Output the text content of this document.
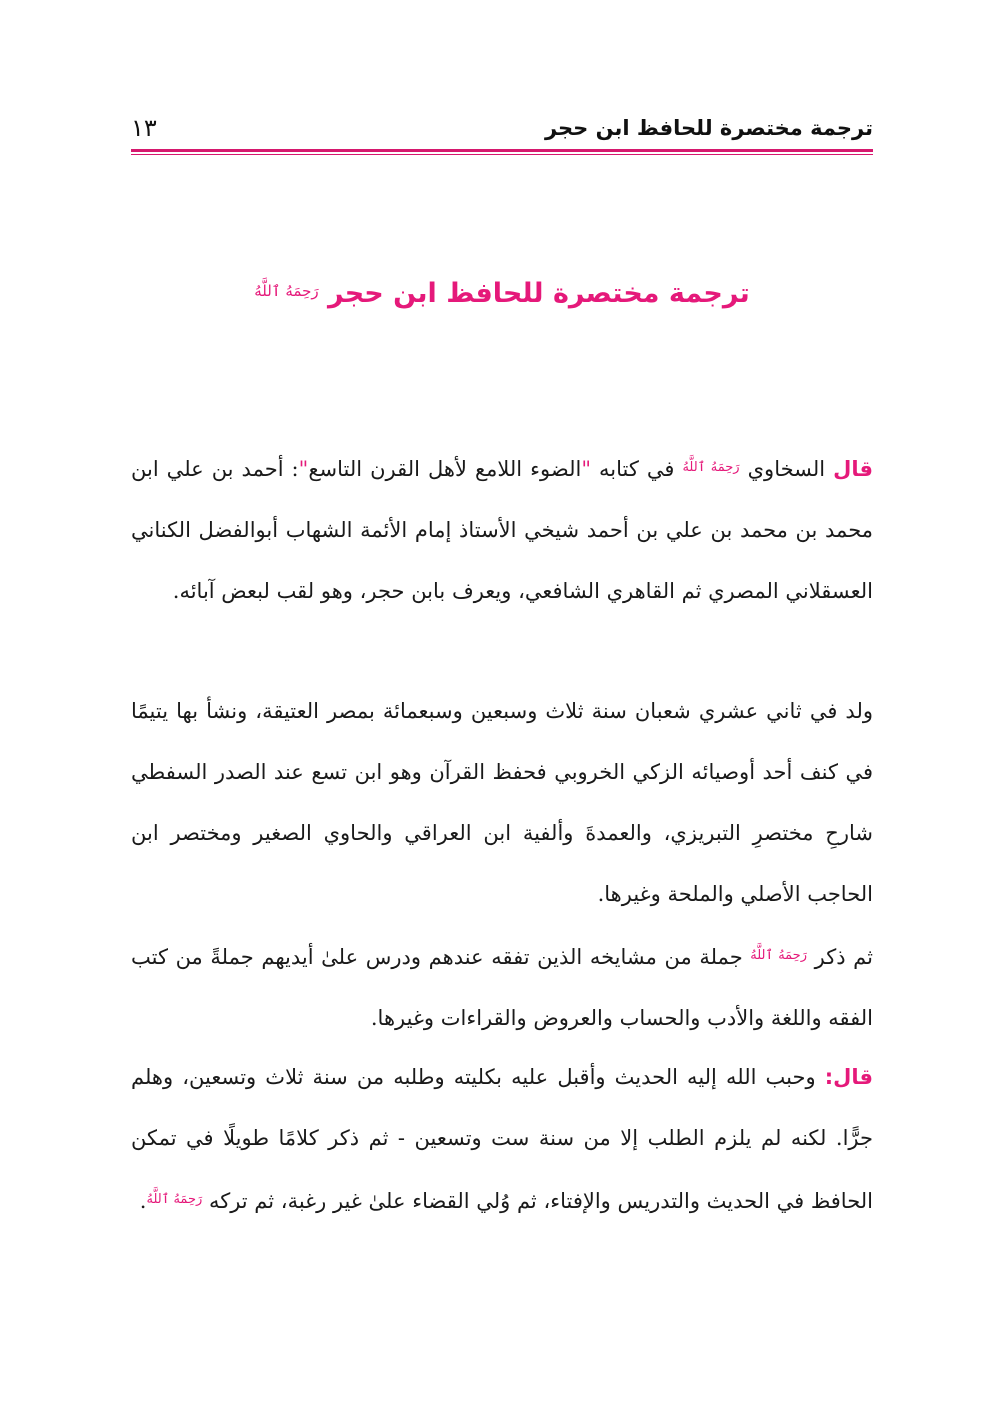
ترجمة مختصرة للحافظ ابن حجر
١٣
ترجمة مختصرة للحافظ ابن حجر $^{رَحِمَهُ ٱللَّهُ}$

قال السخاوي $^{رَحِمَهُ ٱللَّهُ}$ في كتابه "الضوء اللامع لأهل القرن التاسع": أحمد بن علي ابن محمد بن محمد بن علي بن أحمد شيخي الأستاذ إمام الأئمة الشهاب أبوالفضل الكناني العسقلاني المصري ثم القاهري الشافعي، ويعرف بابن حجر، وهو لقب لبعض آبائه.

ولد في ثاني عشري شعبان سنة ثلاث وسبعين وسبعمائة بمصر العتيقة، ونشأ بها يتيمًا في كنف أحد أوصيائه الزكي الخروبي فحفظ القرآن وهو ابن تسع عند الصدر السفطي شارحِ مختصرِ التبريزي، والعمدةَ وألفية ابن العراقي والحاوي الصغير ومختصر ابن الحاجب الأصلي والملحة وغيرها.

ثم ذكر $^{رَحِمَهُ ٱللَّهُ}$ جملة من مشايخه الذين تفقه عندهم ودرس علىٰ أيديهم جملةً من كتب الفقه واللغة والأدب والحساب والعروض والقراءات وغيرها.

قال: وحبب الله إليه الحديث وأقبل عليه بكليته وطلبه من سنة ثلاث وتسعين، وهلم جرًّا. لكنه لم يلزم الطلب إلا من سنة ست وتسعين - ثم ذكر كلامًا طويلًا في تمكن الحافظ في الحديث والتدريس والإفتاء، ثم وُلي القضاء علىٰ غير رغبة، ثم تركه $^{رَحِمَهُ ٱللَّهُ}$.
